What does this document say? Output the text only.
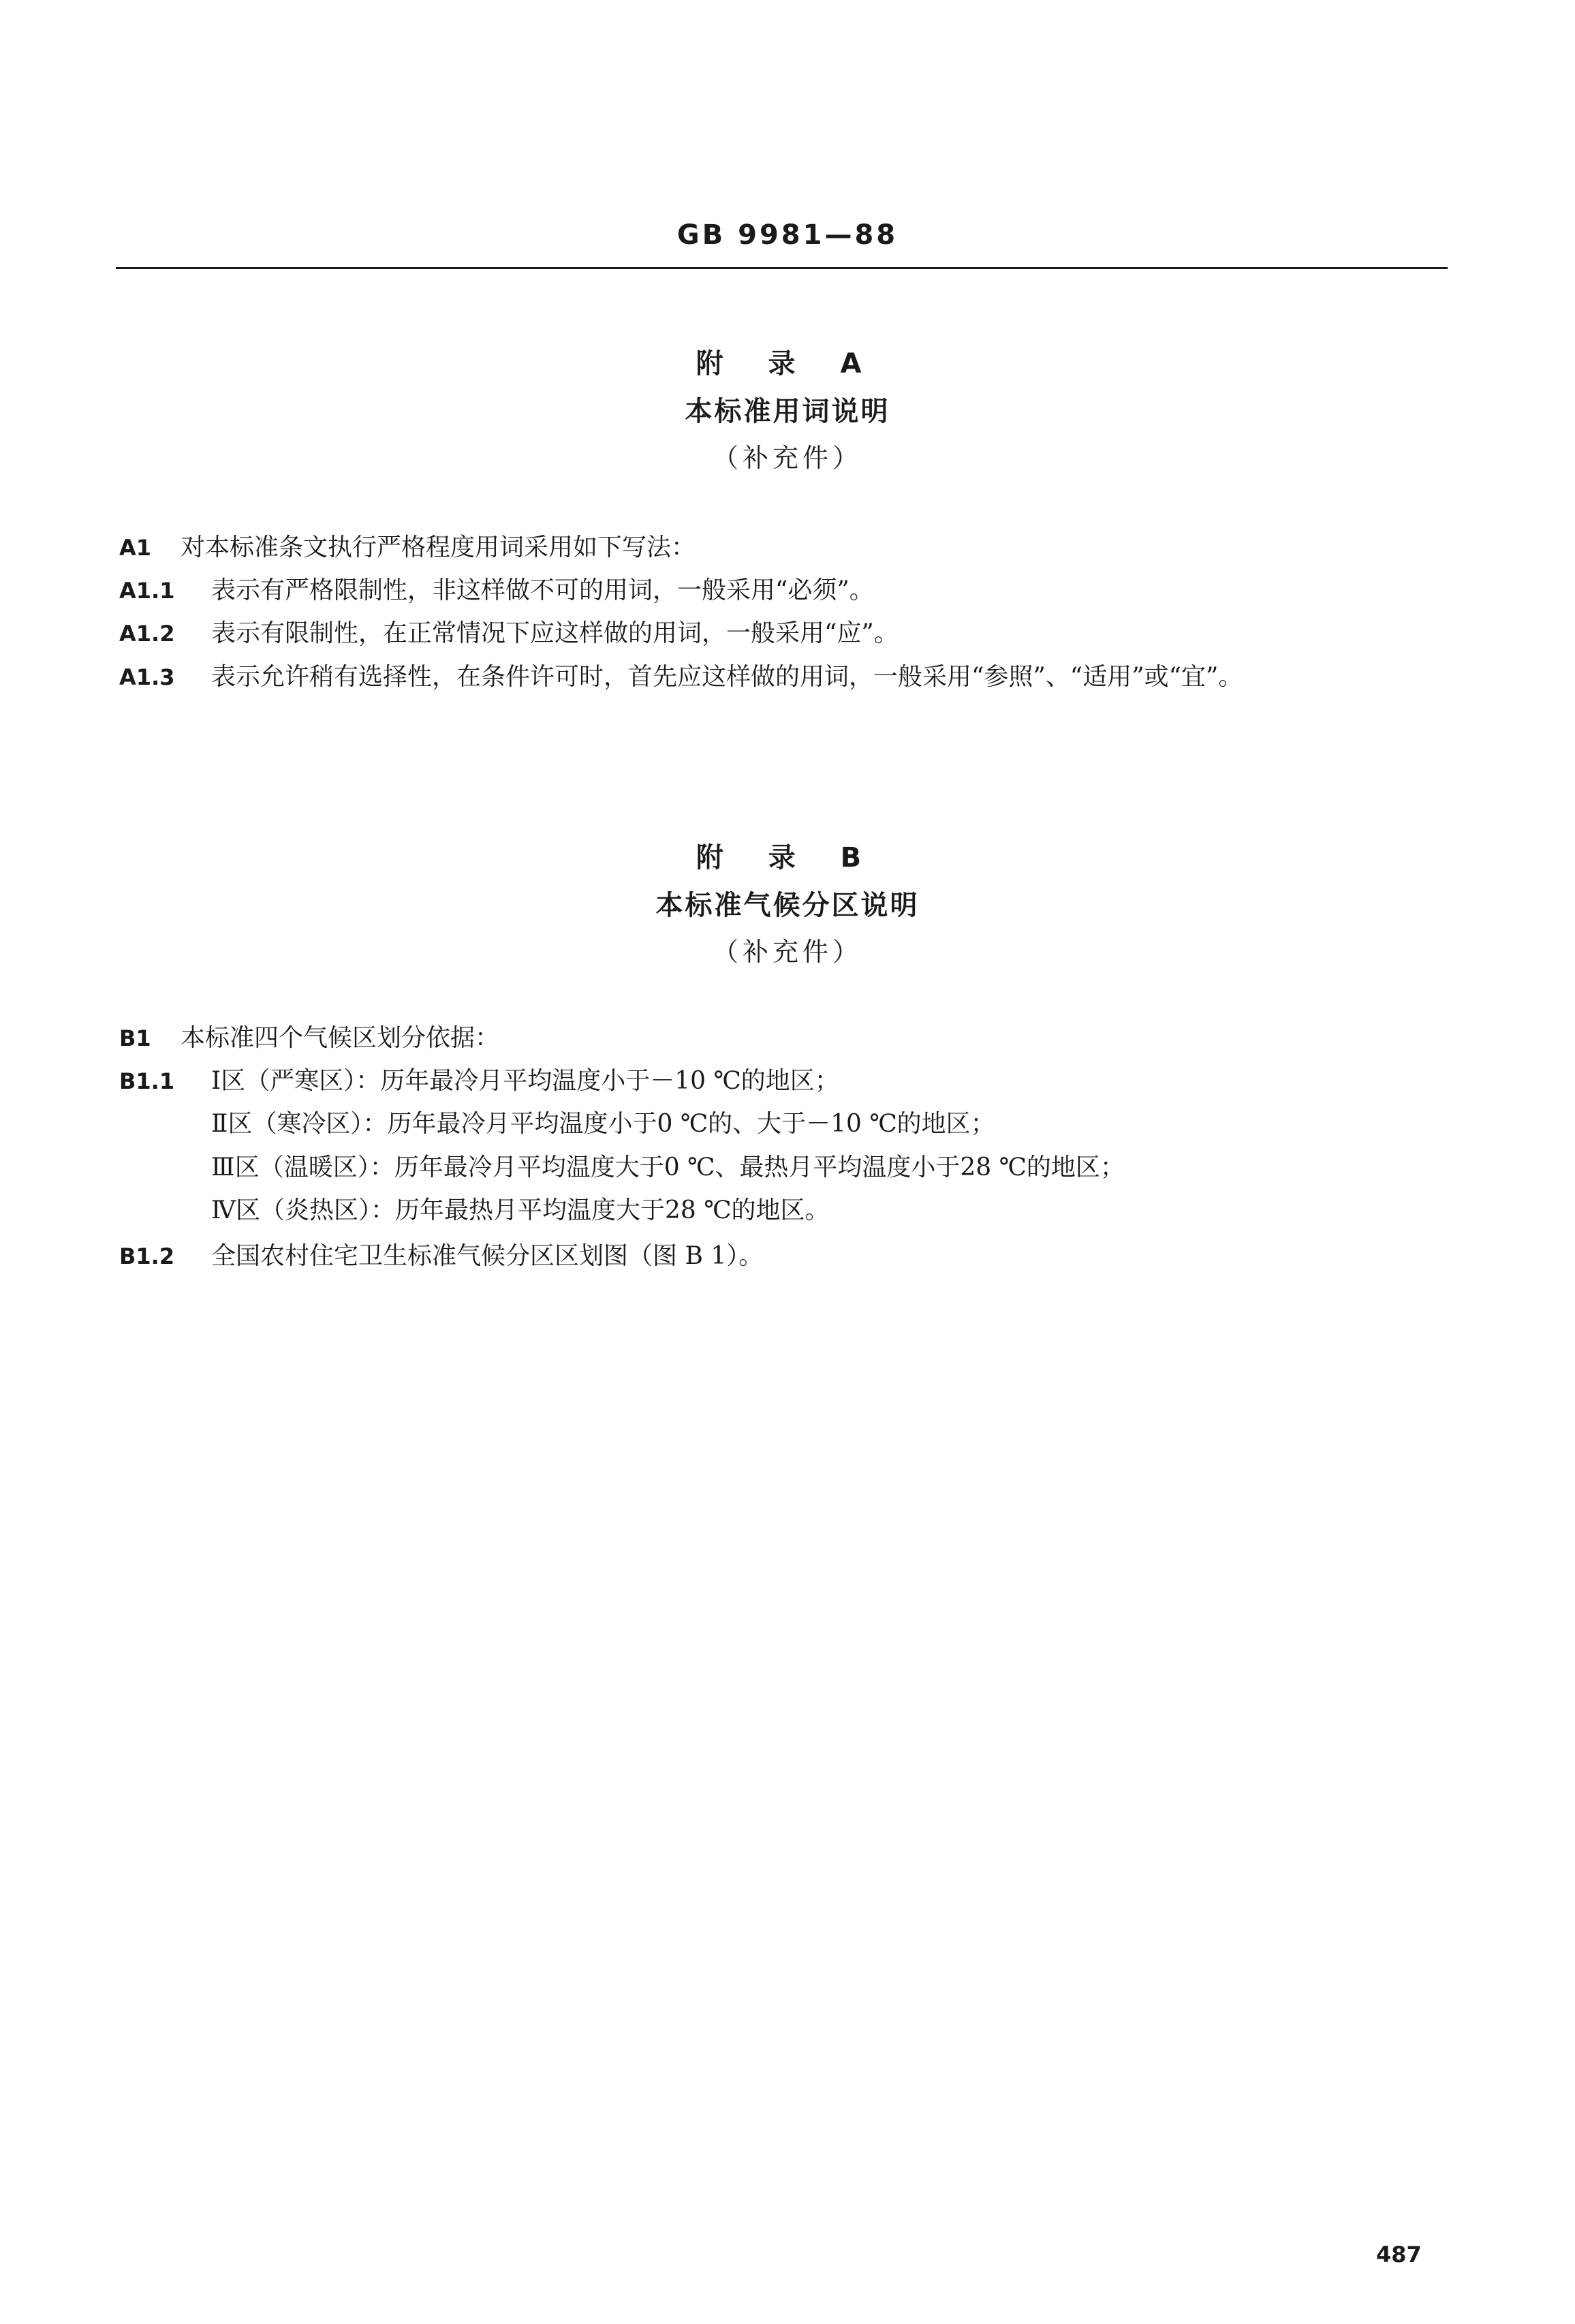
GB 9981—88
附 录 A
本标准用词说明
（补充件）
A1 对本标准条文执行严格程度用词采用如下写法：
A1.1 表示有严格限制性，非这样做不可的用词，一般采用“必须”。
A1.2 表示有限制性，在正常情况下应这样做的用词，一般采用“应”。
A1.3 表示允许稍有选择性，在条件许可时，首先应这样做的用词，一般采用“参照”、“适用”或“宜”。
附 录 B
本标准气候分区说明
（补充件）
B1 本标准四个气候区划分依据：
B1.1 Ⅰ区（严寒区）：历年最冷月平均温度小于－10 ℃的地区；
Ⅱ区（寒冷区）：历年最冷月平均温度小于0 ℃的、大于－10 ℃的地区；
Ⅲ区（温暖区）：历年最冷月平均温度大于0 ℃、最热月平均温度小于28 ℃的地区；
Ⅳ区（炎热区）：历年最热月平均温度大于28 ℃的地区。
B1.2 全国农村住宅卫生标准气候分区区划图（图 B 1）。
487
